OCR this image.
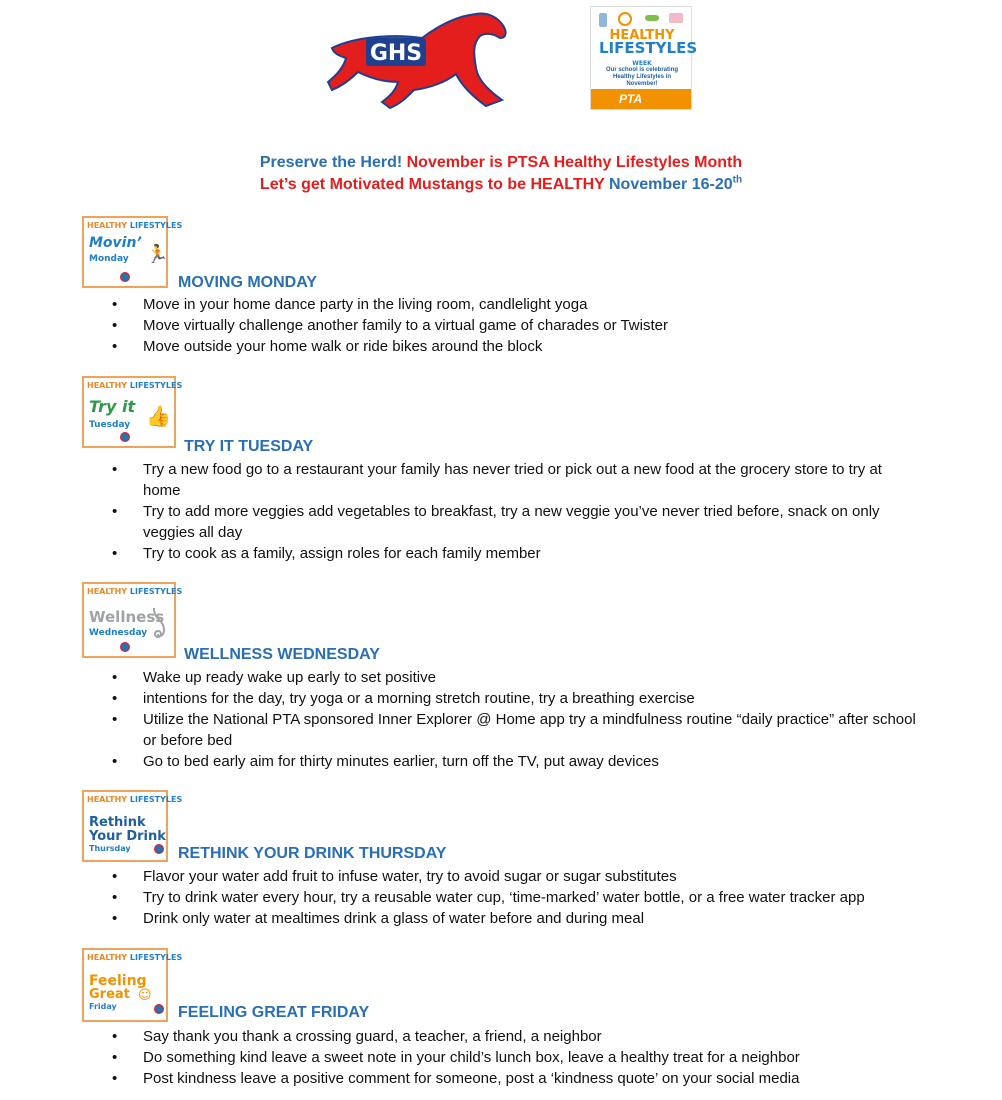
GHS
HEALTHY
LIFESTYLES
WEEK
Our school is celebrating Healthy Lifestyles in November!
PTA
Preserve the Herd! November is PTSA Healthy Lifestyles Month
Let’s get Motivated Mustangs to be HEALTHY November 16-20th
HEALTHY LIFESTYLES
Movin’
Monday 🏃
MOVING MONDAY
• Move in your home dance party in the living room, candlelight yoga
• Move virtually challenge another family to a virtual game of charades or Twister
• Move outside your home walk or ride bikes around the block
HEALTHY LIFESTYLES
Try it
Tuesday 👍
TRY IT TUESDAY
• Try a new food go to a restaurant your family has never tried or pick out a new food at the grocery store to try at home
• Try to add more veggies add vegetables to breakfast, try a new veggie you’ve never tried before, snack on only veggies all day
• Try to cook as a family, assign roles for each family member
HEALTHY LIFESTYLES
Wellness
Wednesday
WELLNESS WEDNESDAY
• Wake up ready wake up early to set positive
• intentions for the day, try yoga or a morning stretch routine, try a breathing exercise
• Utilize the National PTA sponsored Inner Explorer @ Home app try a mindfulness routine “daily practice” after school or before bed
• Go to bed early aim for thirty minutes earlier, turn off the TV, put away devices
HEALTHY LIFESTYLES
Rethink
Your Drink
Thursday	RETHINK YOUR DRINK THURSDAY
• Flavor your water add fruit to infuse water, try to avoid sugar or sugar substitutes
• Try to drink water every hour, try a reusable water cup, ‘time-marked’ water bottle, or a free water tracker app
• Drink only water at mealtimes drink a glass of water before and during meal
HEALTHY LIFESTYLES
Feeling
Great ☺
Friday	FEELING GREAT FRIDAY
• Say thank you thank a crossing guard, a teacher, a friend, a neighbor
• Do something kind leave a sweet note in your child’s lunch box, leave a healthy treat for a neighbor
• Post kindness leave a positive comment for someone, post a ‘kindness quote’ on your social media
